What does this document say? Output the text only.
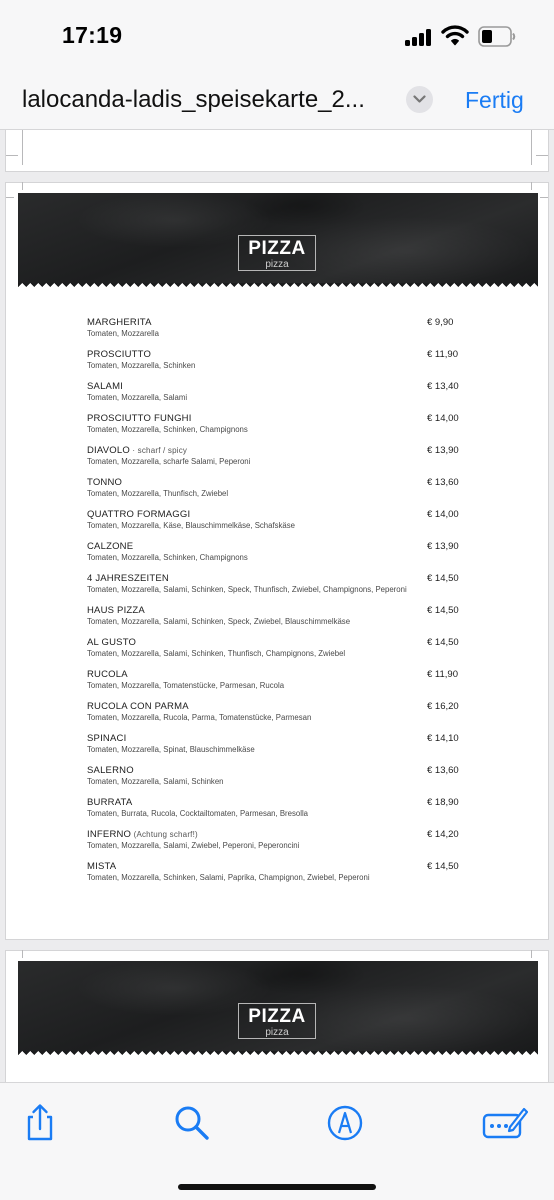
17:19
lalocanda-ladis_speisekarte_2...	Fertig
PIZZA
pizza
MARGHERITA
Tomaten, Mozzarella
€ 9,90
PROSCIUTTO
Tomaten, Mozzarella, Schinken
€ 11,90
SALAMI
Tomaten, Mozzarella, Salami
€ 13,40
PROSCIUTTO FUNGHI
Tomaten, Mozzarella, Schinken, Champignons
€ 14,00
DIAVOLO · scharf / spicy
Tomaten, Mozzarella, scharfe Salami, Peperoni
€ 13,90
TONNO
Tomaten, Mozzarella, Thunfisch, Zwiebel
€ 13,60
QUATTRO FORMAGGI
Tomaten, Mozzarella, Käse, Blauschimmelkäse, Schafskäse
€ 14,00
CALZONE
Tomaten, Mozzarella, Schinken, Champignons
€ 13,90
4 JAHRESZEITEN
Tomaten, Mozzarella, Salami, Schinken, Speck, Thunfisch, Zwiebel, Champignons, Peperoni
€ 14,50
HAUS PIZZA
Tomaten, Mozzarella, Salami, Schinken, Speck, Zwiebel, Blauschimmelkäse
€ 14,50
AL GUSTO
Tomaten, Mozzarella, Salami, Schinken, Thunfisch, Champignons, Zwiebel
€ 14,50
RUCOLA
Tomaten, Mozzarella, Tomatenstücke, Parmesan, Rucola
€ 11,90
RUCOLA CON PARMA
Tomaten, Mozzarella, Rucola, Parma, Tomatenstücke, Parmesan
€ 16,20
SPINACI
Tomaten, Mozzarella, Spinat, Blauschimmelkäse
€ 14,10
SALERNO
Tomaten, Mozzarella, Salami, Schinken
€ 13,60
BURRATA
Tomaten, Burrata, Rucola, Cocktailtomaten, Parmesan, Bresolla
€ 18,90
INFERNO (Achtung scharf!)
Tomaten, Mozzarella, Salami, Zwiebel, Peperoni, Peperoncini
€ 14,20
MISTA
Tomaten, Mozzarella, Schinken, Salami, Paprika, Champignon, Zwiebel, Peperoni
€ 14,50
PIZZA
pizza
